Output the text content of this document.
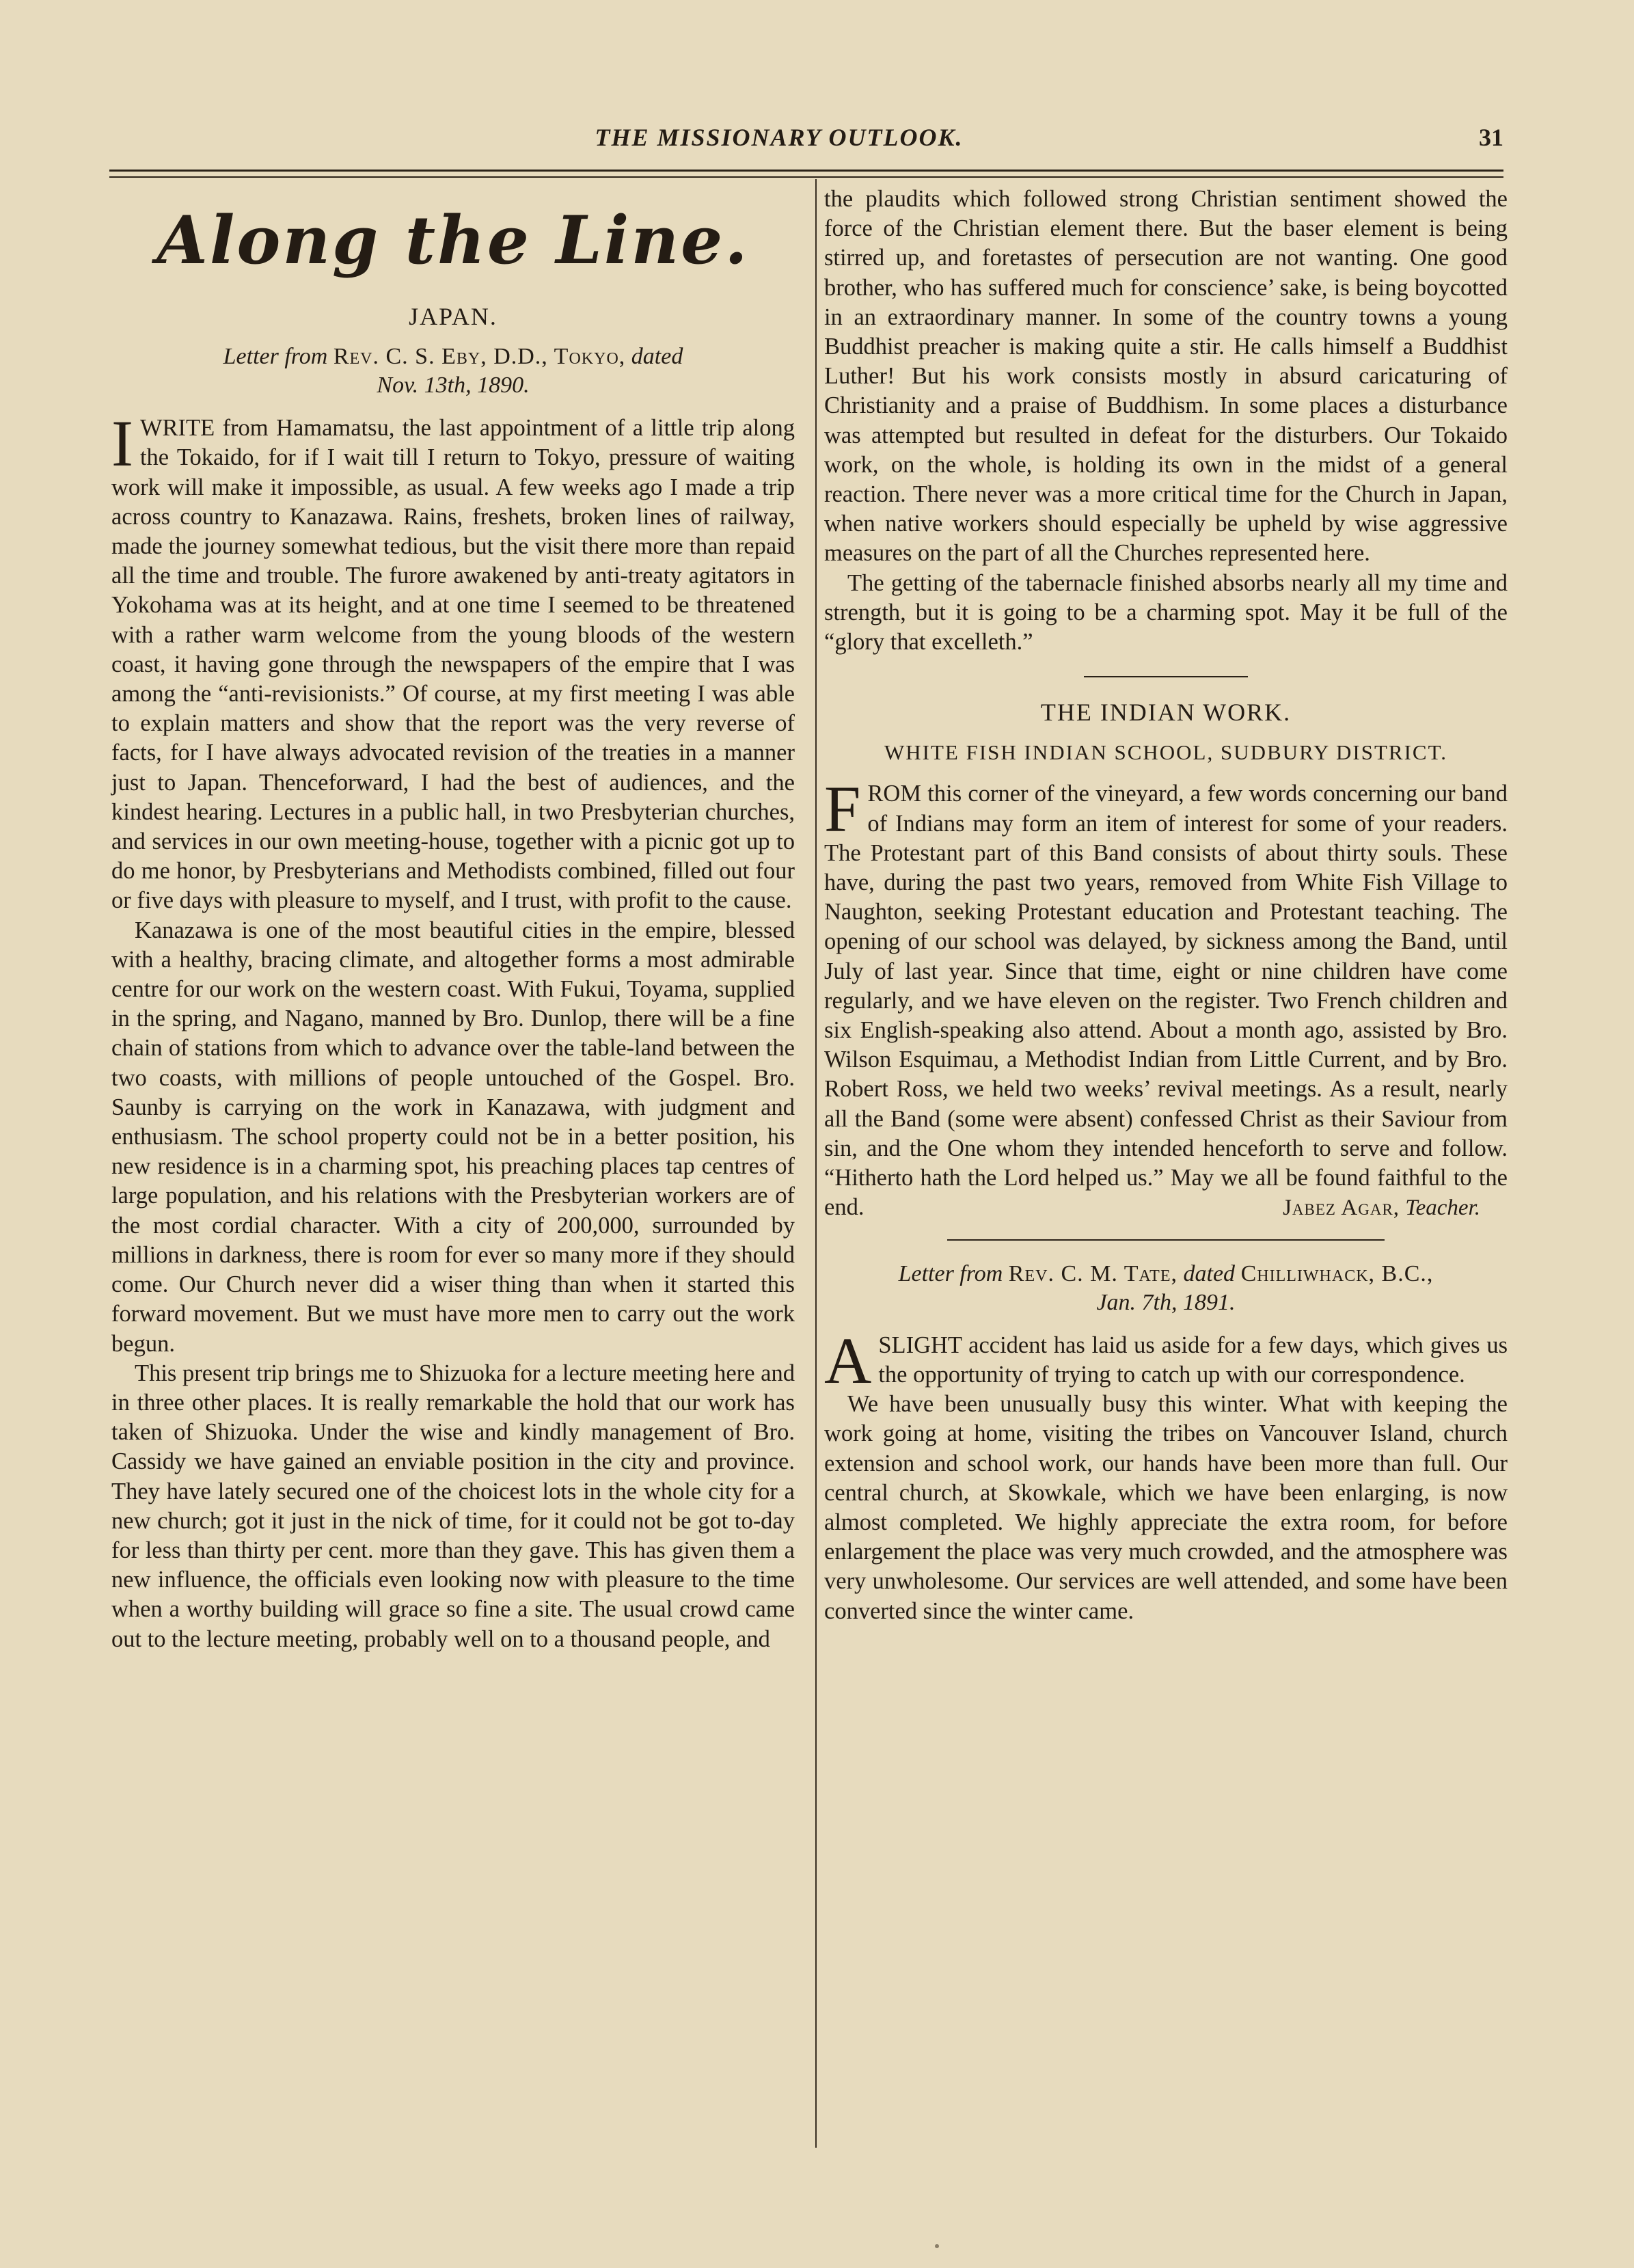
THE MISSIONARY OUTLOOK.	31
Along the Line.
JAPAN.
Letter from Rev. C. S. Eby, D.D., Tokyo, dated
Nov. 13th, 1890.

IWRITE from Hamamatsu, the last appointment of a little trip along the Tokaido, for if I wait till I return to Tokyo, pressure of waiting work will make it impossible, as usual. A few weeks ago I made a trip across country to Kanazawa. Rains, freshets, broken lines of railway, made the journey somewhat tedious, but the visit there more than repaid all the time and trouble. The furore awakened by anti-treaty agitators in Yokohama was at its height, and at one time I seemed to be threatened with a rather warm welcome from the young bloods of the western coast, it having gone through the newspapers of the empire that I was among the “anti-revisionists.” Of course, at my first meeting I was able to explain matters and show that the report was the very reverse of facts, for I have always advocated revision of the treaties in a manner just to Japan. Thenceforward, I had the best of audiences, and the kindest hearing. Lectures in a public hall, in two Presbyterian churches, and services in our own meeting-house, together with a picnic got up to do me honor, by Presbyterians and Methodists combined, filled out four or five days with pleasure to myself, and I trust, with profit to the cause.

Kanazawa is one of the most beautiful cities in the empire, blessed with a healthy, bracing climate, and altogether forms a most admirable centre for our work on the western coast. With Fukui, Toyama, supplied in the spring, and Nagano, manned by Bro. Dunlop, there will be a fine chain of stations from which to advance over the table-land between the two coasts, with millions of people untouched of the Gospel. Bro. Saunby is carrying on the work in Kanazawa, with judgment and enthusiasm. The school property could not be in a better position, his new residence is in a charming spot, his preaching places tap centres of large population, and his relations with the Presbyterian workers are of the most cordial character. With a city of 200,000, surrounded by millions in darkness, there is room for ever so many more if they should come. Our Church never did a wiser thing than when it started this forward movement. But we must have more men to carry out the work begun.

This present trip brings me to Shizuoka for a lecture meeting here and in three other places. It is really remarkable the hold that our work has taken of Shizuoka. Under the wise and kindly management of Bro. Cassidy we have gained an enviable position in the city and province. They have lately secured one of the choicest lots in the whole city for a new church; got it just in the nick of time, for it could not be got to-day for less than thirty per cent. more than they gave. This has given them a new influence, the officials even looking now with pleasure to the time when a worthy building will grace so fine a site. The usual crowd came out to the lecture meeting, probably well on to a thousand people, and

the plaudits which followed strong Christian sentiment showed the force of the Christian element there. But the baser element is being stirred up, and foretastes of persecution are not wanting. One good brother, who has suffered much for conscience’ sake, is being boycotted in an extraordinary manner. In some of the country towns a young Buddhist preacher is making quite a stir. He calls himself a Buddhist Luther! But his work consists mostly in absurd caricaturing of Christianity and a praise of Buddhism. In some places a disturbance was attempted but resulted in defeat for the disturbers. Our Tokaido work, on the whole, is holding its own in the midst of a general reaction. There never was a more critical time for the Church in Japan, when native workers should especially be upheld by wise aggressive measures on the part of all the Churches represented here.

The getting of the tabernacle finished absorbs nearly all my time and strength, but it is going to be a charming spot. May it be full of the “glory that excelleth.”

THE INDIAN WORK.
WHITE FISH INDIAN SCHOOL, SUDBURY DISTRICT.

FROM this corner of the vineyard, a few words concerning our band of Indians may form an item of interest for some of your readers. The Protestant part of this Band consists of about thirty souls. These have, during the past two years, removed from White Fish Village to Naughton, seeking Protestant education and Protestant teaching. The opening of our school was delayed, by sickness among the Band, until July of last year. Since that time, eight or nine children have come regularly, and we have eleven on the register. Two French children and six English-speaking also attend. About a month ago, assisted by Bro. Wilson Esquimau, a Methodist Indian from Little Current, and by Bro. Robert Ross, we held two weeks’ revival meetings. As a result, nearly all the Band (some were absent) confessed Christ as their Saviour from sin, and the One whom they intended henceforth to serve and follow. “Hitherto hath the Lord helped us.” May we all be found faithful to the end.	Jabez Agar, Teacher.
Letter from Rev. C. M. Tate, dated Chilliwhack, B.C.,
Jan. 7th, 1891.

ASLIGHT accident has laid us aside for a few days, which gives us the opportunity of trying to catch up with our correspondence.

We have been unusually busy this winter. What with keeping the work going at home, visiting the tribes on Vancouver Island, church extension and school work, our hands have been more than full. Our central church, at Skowkale, which we have been enlarging, is now almost completed. We highly appreciate the extra room, for before enlargement the place was very much crowded, and the atmosphere was very unwholesome. Our services are well attended, and some have been converted since the winter came.
